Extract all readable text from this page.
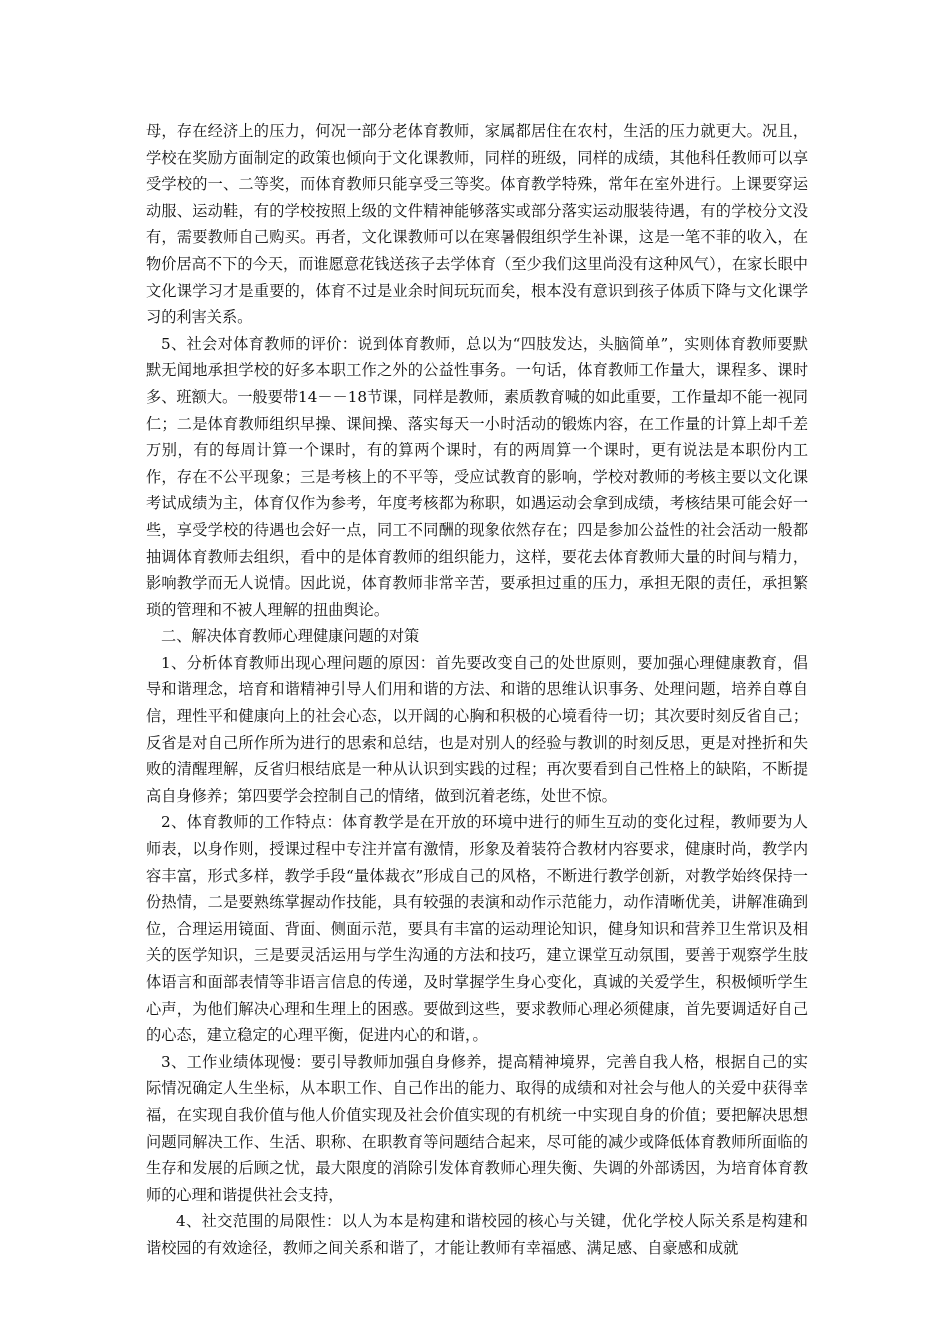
母，存在经济上的压力，何况一部分老体育教师，家属都居住在农村，生活的压力就更大。况且，学校在奖励方面制定的政策也倾向于文化课教师，同样的班级，同样的成绩，其他科任教师可以享受学校的一、二等奖，而体育教师只能享受三等奖。体育教学特殊，常年在室外进行。上课要穿运动服、运动鞋，有的学校按照上级的文件精神能够落实或部分落实运动服装待遇，有的学校分文没有，需要教师自己购买。再者，文化课教师可以在寒暑假组织学生补课，这是一笔不菲的收入，在物价居高不下的今天，而谁愿意花钱送孩子去学体育（至少我们这里尚没有这种风气），在家长眼中文化课学习才是重要的，体育不过是业余时间玩玩而矣，根本没有意识到孩子体质下降与文化课学习的利害关系。

5、社会对体育教师的评价：说到体育教师，总以为“四肢发达，头脑简单”，实则体育教师要默默无闻地承担学校的好多本职工作之外的公益性事务。一句话，体育教师工作量大，课程多、课时多、班额大。一般要带14－－18节课，同样是教师，素质教育喊的如此重要，工作量却不能一视同仁；二是体育教师组织早操、课间操、落实每天一小时活动的锻炼内容，在工作量的计算上却千差万别，有的每周计算一个课时，有的算两个课时，有的两周算一个课时，更有说法是本职份内工作，存在不公平现象；三是考核上的不平等，受应试教育的影响，学校对教师的考核主要以文化课考试成绩为主，体育仅作为参考，年度考核都为称职，如遇运动会拿到成绩，考核结果可能会好一些，享受学校的待遇也会好一点，同工不同酬的现象依然存在；四是参加公益性的社会活动一般都抽调体育教师去组织，看中的是体育教师的组织能力，这样，要花去体育教师大量的时间与精力，影响教学而无人说情。因此说，体育教师非常辛苦，要承担过重的压力，承担无限的责任，承担繁琐的管理和不被人理解的扭曲舆论。

二、解决体育教师心理健康问题的对策

1、分析体育教师出现心理问题的原因：首先要改变自己的处世原则，要加强心理健康教育，倡导和谐理念，培育和谐精神引导人们用和谐的方法、和谐的思维认识事务、处理问题，培养自尊自信，理性平和健康向上的社会心态，以开阔的心胸和积极的心境看待一切；其次要时刻反省自己；反省是对自己所作所为进行的思索和总结，也是对别人的经验与教训的时刻反思，更是对挫折和失败的清醒理解，反省归根结底是一种从认识到实践的过程；再次要看到自己性格上的缺陷，不断提高自身修养；第四要学会控制自己的情绪，做到沉着老练，处世不惊。

2、体育教师的工作特点：体育教学是在开放的环境中进行的师生互动的变化过程，教师要为人师表，以身作则，授课过程中专注并富有激情，形象及着装符合教材内容要求，健康时尚，教学内容丰富，形式多样，教学手段“量体裁衣”形成自己的风格，不断进行教学创新，对教学始终保持一份热情，二是要熟练掌握动作技能，具有较强的表演和动作示范能力，动作清晰优美，讲解准确到位，合理运用镜面、背面、侧面示范，要具有丰富的运动理论知识，健身知识和营养卫生常识及相关的医学知识，三是要灵活运用与学生沟通的方法和技巧，建立课堂互动氛围，要善于观察学生肢体语言和面部表情等非语言信息的传递，及时掌握学生身心变化，真诚的关爱学生，积极倾听学生心声，为他们解决心理和生理上的困惑。要做到这些，要求教师心理必须健康，首先要调适好自己的心态，建立稳定的心理平衡，促进内心的和谐，。

3、工作业绩体现慢：要引导教师加强自身修养，提高精神境界，完善自我人格，根据自己的实际情况确定人生坐标，从本职工作、自己作出的能力、取得的成绩和对社会与他人的关爱中获得幸福，在实现自我价值与他人价值实现及社会价值实现的有机统一中实现自身的价值；要把解决思想问题同解决工作、生活、职称、在职教育等问题结合起来，尽可能的减少或降低体育教师所面临的生存和发展的后顾之忧，最大限度的消除引发体育教师心理失衡、失调的外部诱因，为培育体育教师的心理和谐提供社会支持，

4、社交范围的局限性：以人为本是构建和谐校园的核心与关键，优化学校人际关系是构建和谐校园的有效途径，教师之间关系和谐了，才能让教师有幸福感、满足感、自豪感和成就
